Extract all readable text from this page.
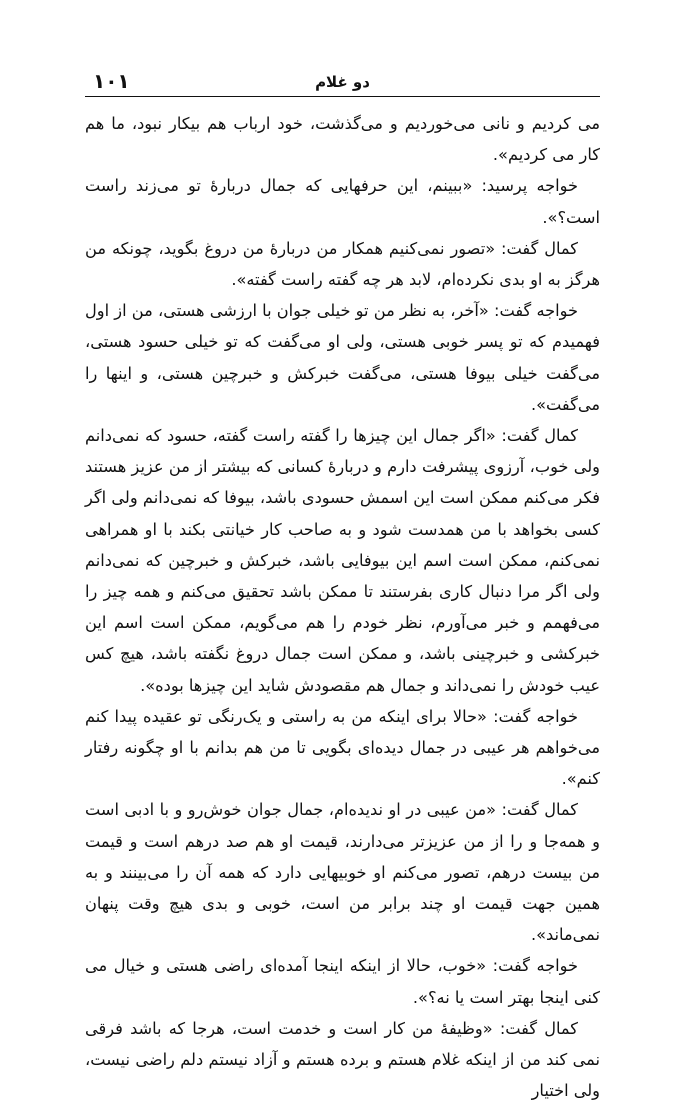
دو غلام
۱۰۱

می کردیم و نانی می‌خوردیم و می‌گذشت، خود ارباب هم بیکار نبود، ما هم کار می کردیم».

خواجه پرسید: «ببینم، این حرفهایی که جمال دربارهٔ تو می‌زند راست است؟».

کمال گفت: «تصور نمی‌کنیم همکار من دربارهٔ من دروغ بگوید، چونکه من هرگز به او بدی نکرده‌ام، لابد هر چه گفته راست گفته».

خواجه گفت: «آخر، به نظر من تو خیلی جوان با ارزشی هستی، من از اول فهمیدم که تو پسر خوبی هستی، ولی او می‌گفت که تو خیلی حسود هستی، می‌گفت خیلی بیوفا هستی، می‌گفت خبرکش و خبرچین هستی، و اینها را می‌گفت».

کمال گفت: «اگر جمال این چیزها را گفته راست گفته، حسود که نمی‌دانم ولی خوب، آرزوی پیشرفت دارم و دربارهٔ کسانی که بیشتر از من عزیز هستند فکر می‌کنم ممکن است این اسمش حسودی باشد، بیوفا که نمی‌دانم ولی اگر کسی بخواهد با من همدست شود و به صاحب کار خیانتی بکند با او همراهی نمی‌کنم، ممکن است اسم این بیوفایی باشد، خبرکش و خبرچین که نمی‌دانم ولی اگر مرا دنبال کاری بفرستند تا ممکن باشد تحقیق می‌کنم و همه چیز را می‌فهمم و خبر می‌آورم، نظر خودم را هم می‌گویم، ممکن است اسم این خبرکشی و خبرچینی باشد، و ممکن است جمال دروغ نگفته باشد، هیچ کس عیب خودش را نمی‌داند و جمال هم مقصودش شاید این چیزها بوده».

خواجه گفت: «حالا برای اینکه من به راستی و یک‌رنگی تو عقیده پیدا کنم می‌خواهم هر عیبی در جمال دیده‌ای بگویی تا من هم بدانم با او چگونه رفتار کنم».

کمال گفت: «من عیبی در او ندیده‌ام، جمال جوان خوش‌رو و با ادبی است و همه‌جا و را از من عزیزتر می‌دارند، قیمت او هم صد درهم است و قیمت من بیست درهم، تصور می‌کنم او خوبیهایی دارد که همه آن را می‌بینند و به همین جهت قیمت او چند برابر من است، خوبی و بدی هیچ وقت پنهان نمی‌ماند».

خواجه گفت: «خوب، حالا از اینکه اینجا آمده‌ای راضی هستی و خیال می کنی اینجا بهتر است یا نه؟».

کمال گفت: «وظیفهٔ من کار است و خدمت است، هرجا که باشد فرقی نمی کند من از اینکه غلام هستم و برده هستم و آزاد نیستم دلم راضی نیست، ولی اختیار
